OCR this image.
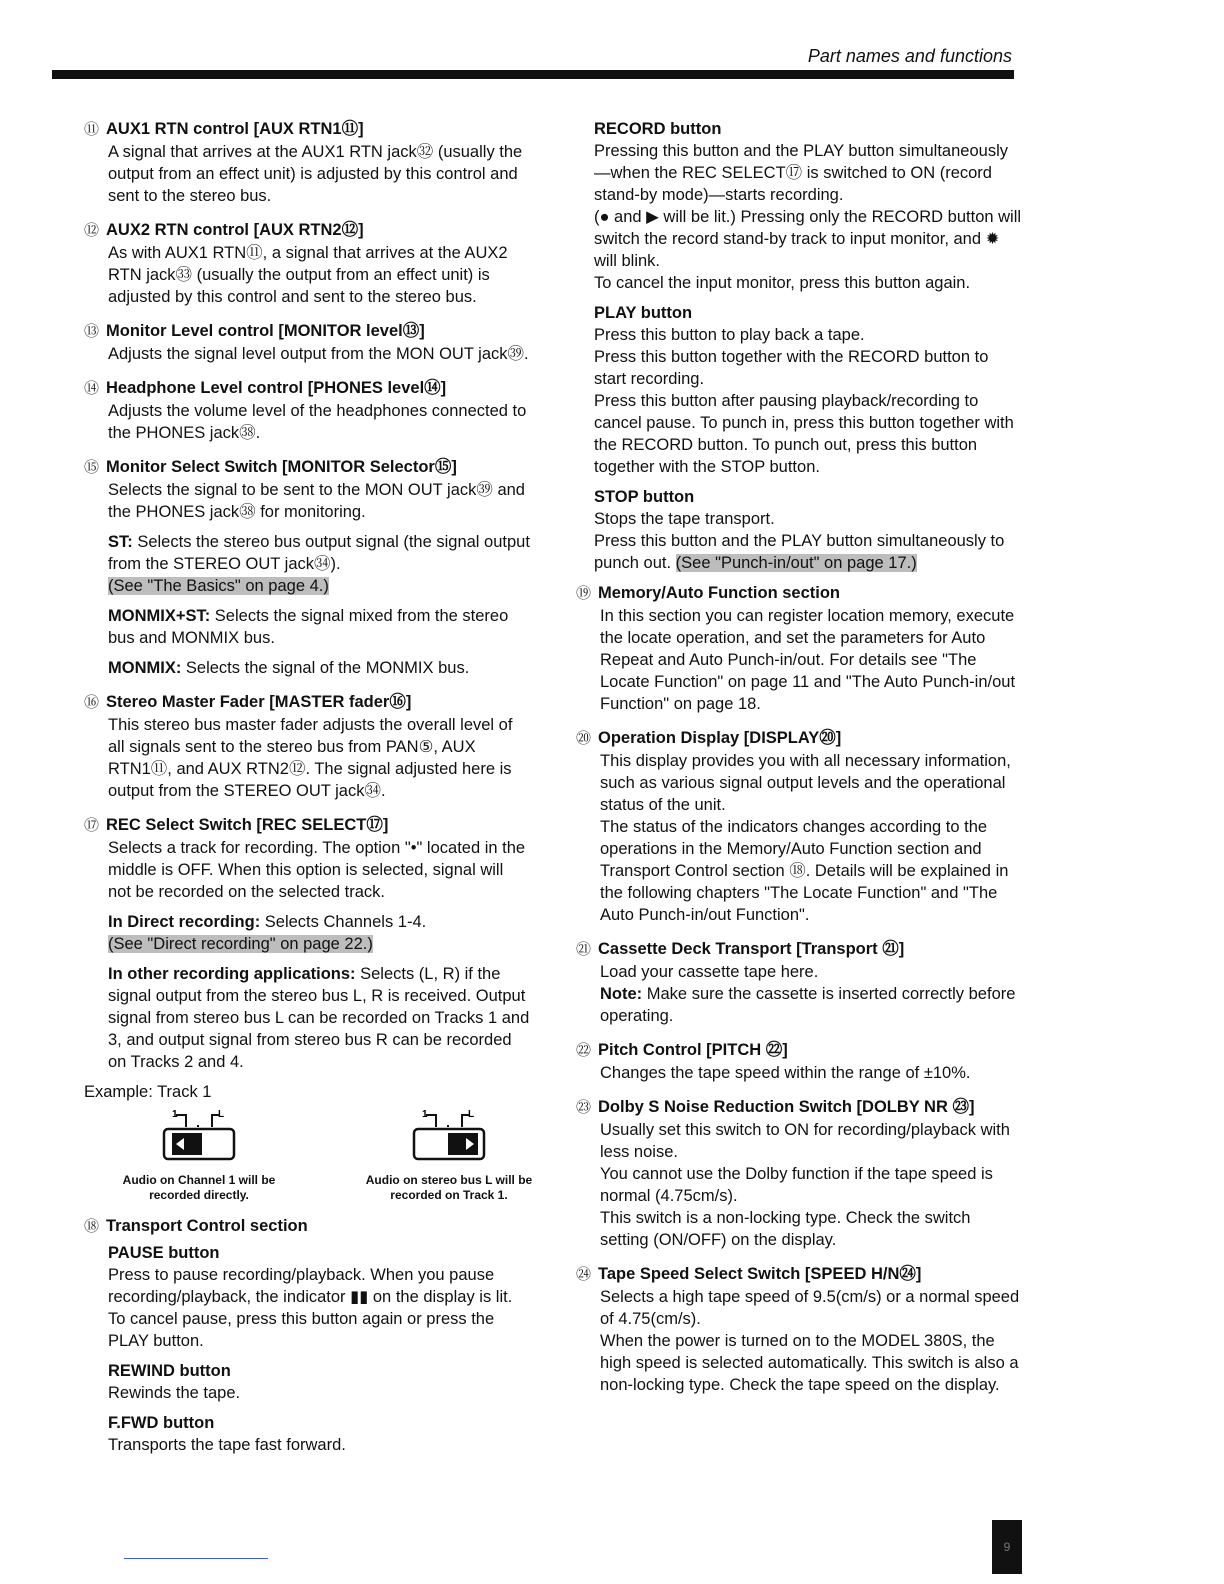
Part names and functions
⑪ AUX1 RTN control [AUX RTN1⑪]

A signal that arrives at the AUX1 RTN jack㉜ (usually the output from an effect unit) is adjusted by this control and sent to the stereo bus.

⑫ AUX2 RTN control [AUX RTN2⑫]

As with AUX1 RTN⑪, a signal that arrives at the AUX2 RTN jack㉝ (usually the output from an effect unit) is adjusted by this control and sent to the stereo bus.

⑬ Monitor Level control [MONITOR level⑬]

Adjusts the signal level output from the MON OUT jack㊴.

⑭ Headphone Level control [PHONES level⑭]

Adjusts the volume level of the headphones connected to the PHONES jack㊳.

⑮ Monitor Select Switch [MONITOR Selector⑮]

Selects the signal to be sent to the MON OUT jack㊴ and the PHONES jack㊳ for monitoring.

ST: Selects the stereo bus output signal (the signal output from the STEREO OUT jack㉞).
(See "The Basics" on page 4.)

MONMIX+ST: Selects the signal mixed from the stereo bus and MONMIX bus.

MONMIX: Selects the signal of the MONMIX bus.

⑯ Stereo Master Fader [MASTER fader⑯]

This stereo bus master fader adjusts the overall level of all signals sent to the stereo bus from PAN⑤, AUX RTN1⑪, and AUX RTN2⑫. The signal adjusted here is output from the STEREO OUT jack㉞.

⑰ REC Select Switch [REC SELECT⑰]

Selects a track for recording. The option "•" located in the middle is OFF. When this option is selected, signal will not be recorded on the selected track.

In Direct recording: Selects Channels 1-4.
(See "Direct recording" on page 22.)

In other recording applications: Selects (L, R) if the signal output from the stereo bus L, R is received. Output signal from stereo bus L can be recorded on Tracks 1 and 3, and output signal from stereo bus R can be recorded on Tracks 2 and 4.

Example: Track 1
1	L
Audio on Channel 1 will be recorded directly.
1	L
Audio on stereo bus L will be recorded on Track 1.
⑱ Transport Control section
PAUSE button

Press to pause recording/playback. When you pause recording/playback, the indicator ▮▮ on the display is lit. To cancel pause, press this button again or press the PLAY button.

REWIND button

Rewinds the tape.

F.FWD button

Transports the tape fast forward.

RECORD button

Pressing this button and the PLAY button simultaneously—when the REC SELECT⑰ is switched to ON (record stand-by mode)—starts recording.

(● and ▶ will be lit.) Pressing only the RECORD button will switch the record stand-by track to input monitor, and ✹ will blink.

To cancel the input monitor, press this button again.

PLAY button

Press this button to play back a tape.

Press this button together with the RECORD button to start recording.

Press this button after pausing playback/recording to cancel pause. To punch in, press this button together with the RECORD button. To punch out, press this button together with the STOP button.

STOP button

Stops the tape transport.

Press this button and the PLAY button simultaneously to punch out. (See "Punch-in/out" on page 17.)

⑲ Memory/Auto Function section

In this section you can register location memory, execute the locate operation, and set the parameters for Auto Repeat and Auto Punch-in/out. For details see "The Locate Function" on page 11 and "The Auto Punch-in/out Function" on page 18.

⑳ Operation Display [DISPLAY⑳]

This display provides you with all necessary information, such as various signal output levels and the operational status of the unit.

The status of the indicators changes according to the operations in the Memory/Auto Function section and Transport Control section ⑱. Details will be explained in the following chapters "The Locate Function" and "The Auto Punch-in/out Function".

㉑ Cassette Deck Transport [Transport ㉑]

Load your cassette tape here.

Note: Make sure the cassette is inserted correctly before operating.

㉒ Pitch Control [PITCH ㉒]

Changes the tape speed within the range of ±10%.

㉓ Dolby S Noise Reduction Switch [DOLBY NR ㉓]

Usually set this switch to ON for recording/playback with less noise.

You cannot use the Dolby function if the tape speed is normal (4.75cm/s).

This switch is a non-locking type. Check the switch setting (ON/OFF) on the display.

㉔ Tape Speed Select Switch [SPEED H/N㉔]

Selects a high tape speed of 9.5(cm/s) or a normal speed of 4.75(cm/s).

When the power is turned on to the MODEL 380S, the high speed is selected automatically. This switch is also a non-locking type. Check the tape speed on the display.

9
